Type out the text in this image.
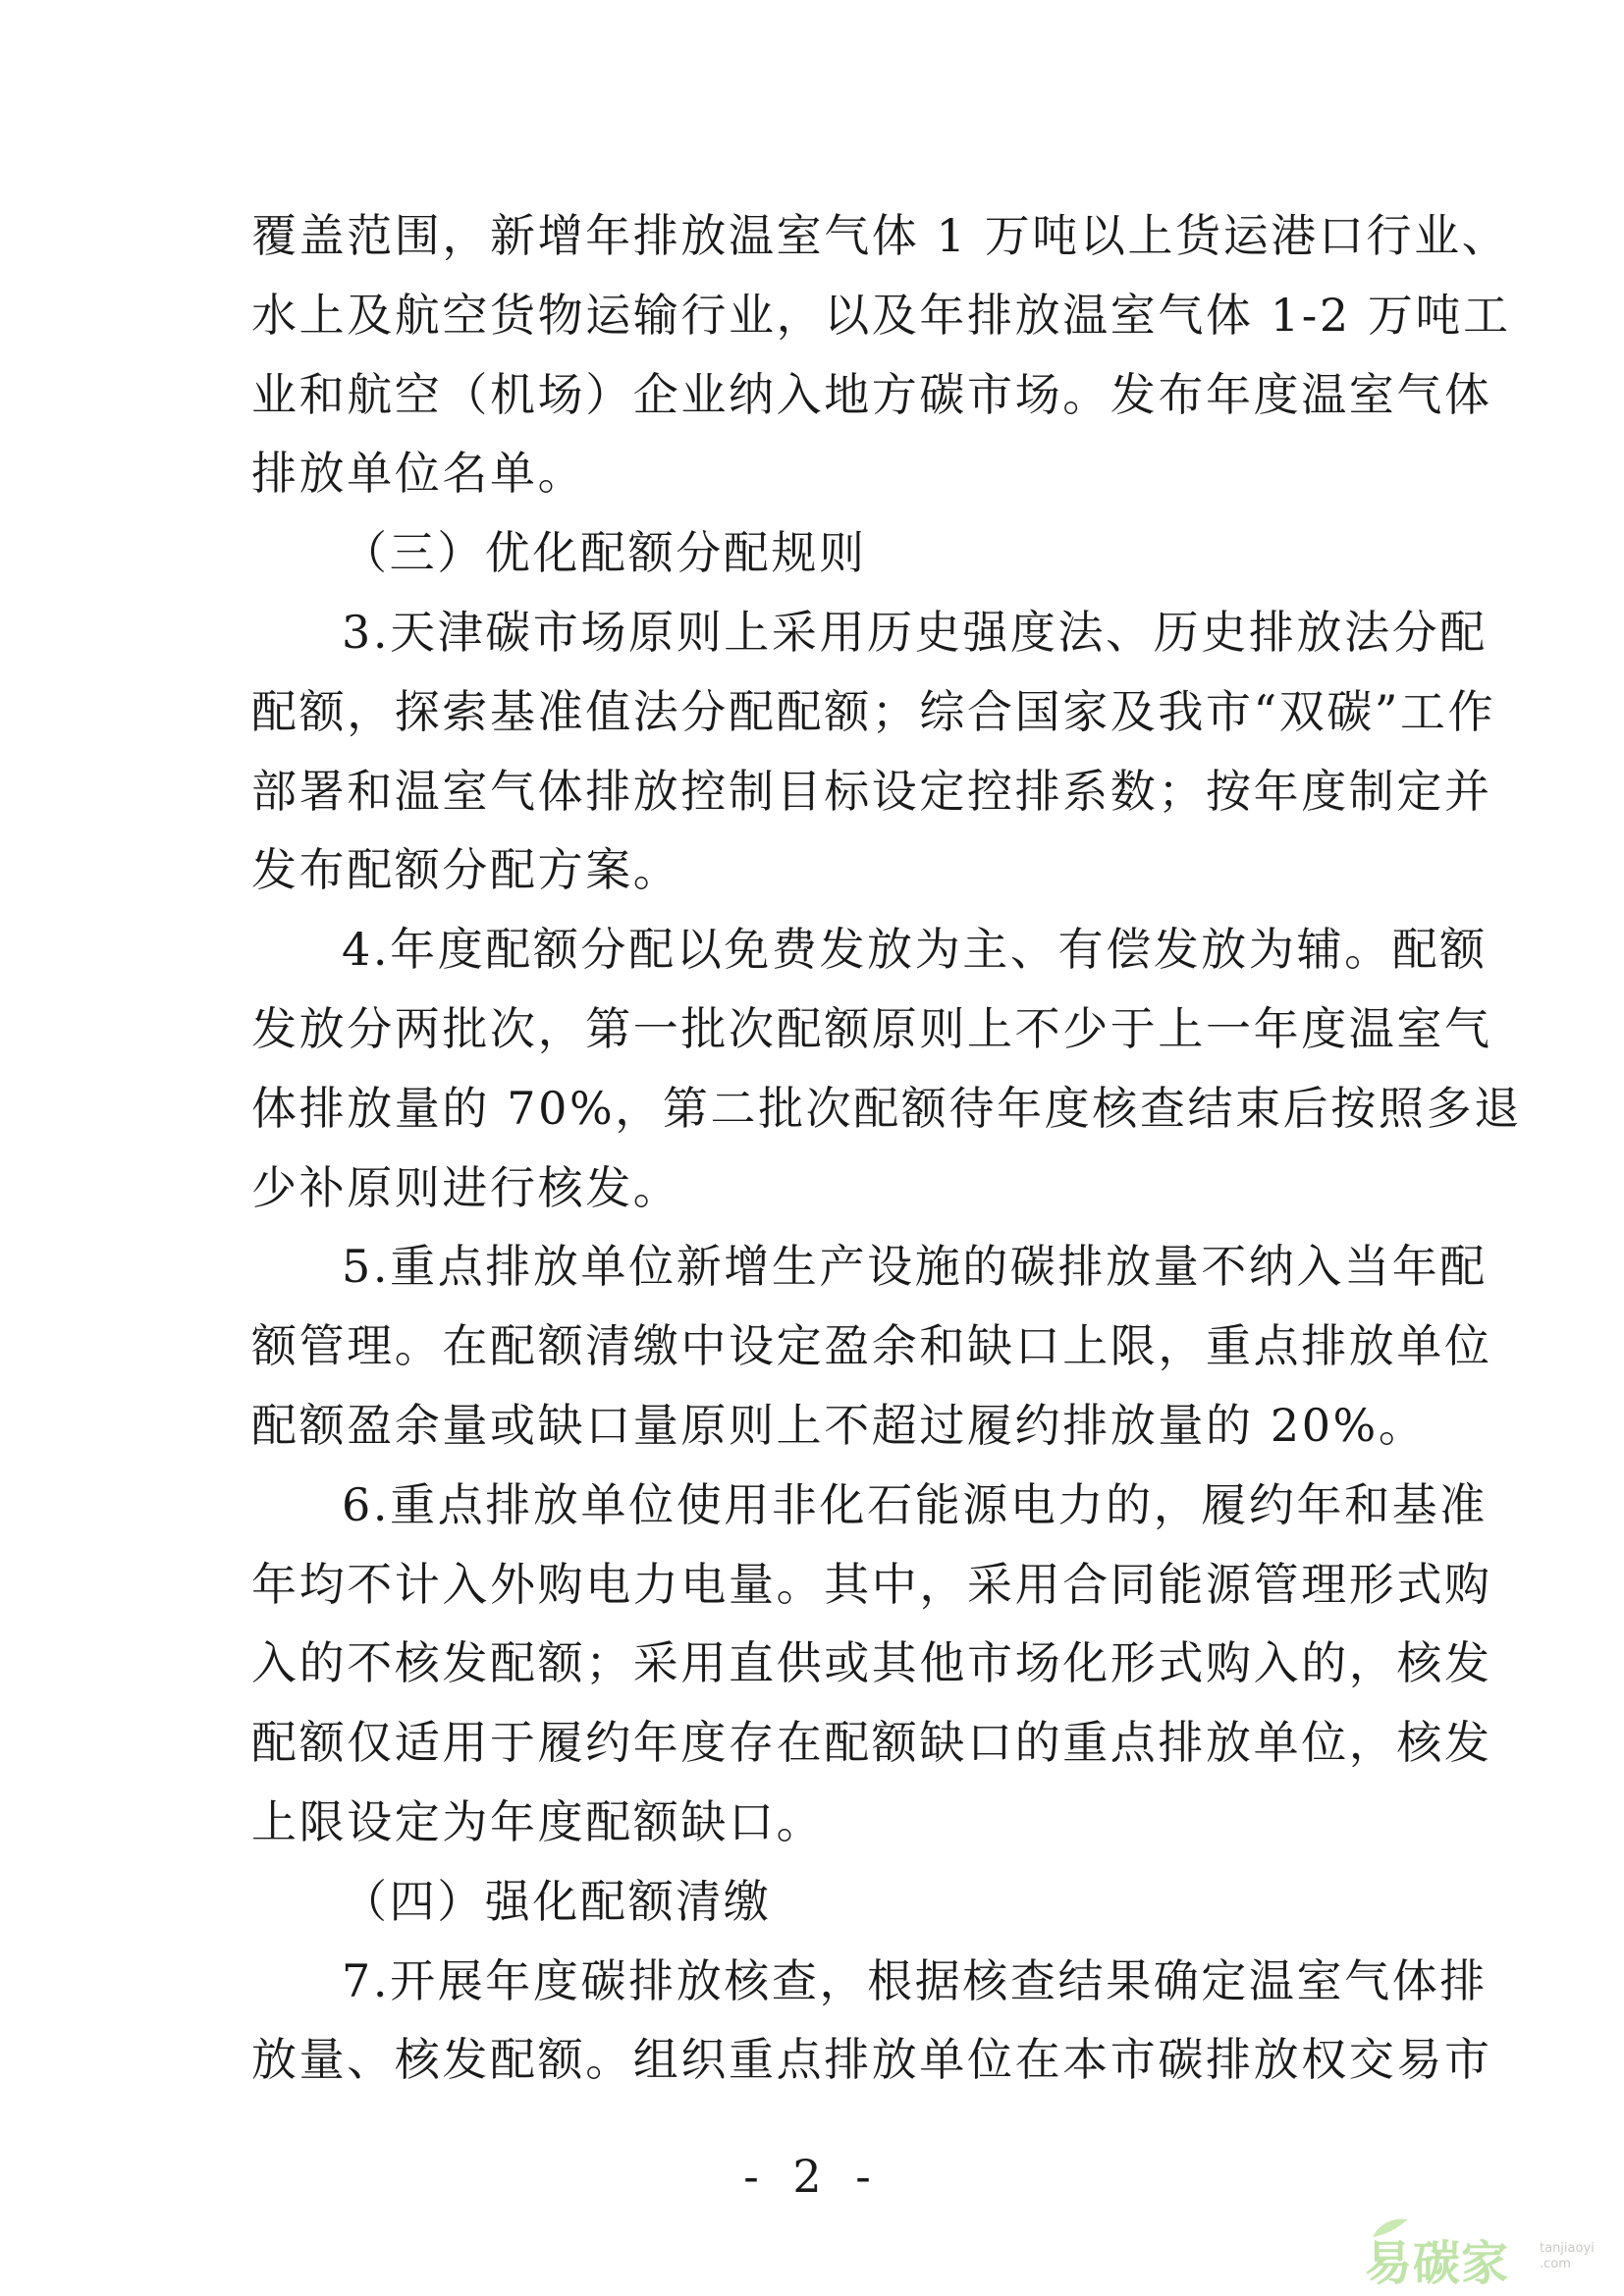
覆盖范围，新增年排放温室气体 1 万吨以上货运港口行业、
水上及航空货物运输行业，以及年排放温室气体 1-2 万吨工
业和航空（机场）企业纳入地方碳市场。发布年度温室气体
排放单位名单。
（三）优化配额分配规则
3.天津碳市场原则上采用历史强度法、历史排放法分配
配额，探索基准值法分配配额；综合国家及我市“双碳”工作
部署和温室气体排放控制目标设定控排系数；按年度制定并
发布配额分配方案。
4.年度配额分配以免费发放为主、有偿发放为辅。配额
发放分两批次，第一批次配额原则上不少于上一年度温室气
体排放量的 70%，第二批次配额待年度核查结束后按照多退
少补原则进行核发。
5.重点排放单位新增生产设施的碳排放量不纳入当年配
额管理。在配额清缴中设定盈余和缺口上限，重点排放单位
配额盈余量或缺口量原则上不超过履约排放量的 20%。
6.重点排放单位使用非化石能源电力的，履约年和基准
年均不计入外购电力电量。其中，采用合同能源管理形式购
入的不核发配额；采用直供或其他市场化形式购入的，核发
配额仅适用于履约年度存在配额缺口的重点排放单位，核发
上限设定为年度配额缺口。
（四）强化配额清缴
7.开展年度碳排放核查，根据核查结果确定温室气体排
放量、核发配额。组织重点排放单位在本市碳排放权交易市
- 2 -
易碳家 tanjiaoyi
.com
